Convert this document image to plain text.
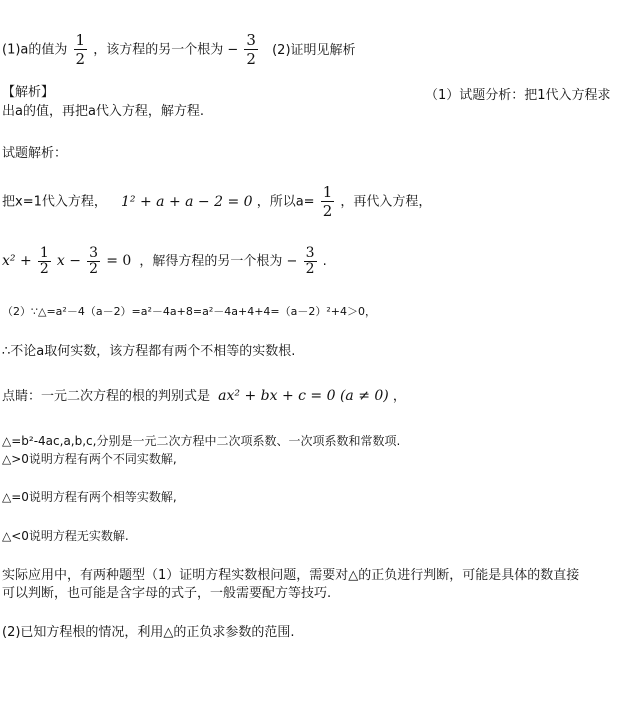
(1)a的值为 $\frac{1}{2}$ ，该方程的另一个根为 − $\frac{3}{2} (2)$证明见解析
【解析】	（1）试题分析：把1代入方程求
出a的值，再把a代入方程，解方程.
试题解析：
把x=1代入方程， 1² + a + a − 2 = 0 ，所以$a= \frac{1}{2}$ ，再代入方程，
$x^2 + \frac{1}{2}$ $x - \frac{3}{2} = 0$ ，解得方程的另一个根为 − $\frac{3}{2}$ .
（2）∵△=a²－4（a－2）=a²－4a+8=a²－4a+4+4=（a－2）²+4＞0，
∴不论a取何实数，该方程都有两个不相等的实数根.
点睛：一元二次方程的根的判别式是 ax² + bx + c = 0 (a ≠ 0) ，
△=b²-4ac,a,b,c,分别是一元二次方程中二次项系数、一次项系数和常数项.
△>0说明方程有两个不同实数解,
△=0说明方程有两个相等实数解,
△<0说明方程无实数解.
实际应用中，有两种题型（1）证明方程实数根问题，需要对△的正负进行判断，可能是具体的数直接
可以判断，也可能是含字母的式子，一般需要配方等技巧.
(2)已知方程根的情况，利用△的正负求参数的范围.
